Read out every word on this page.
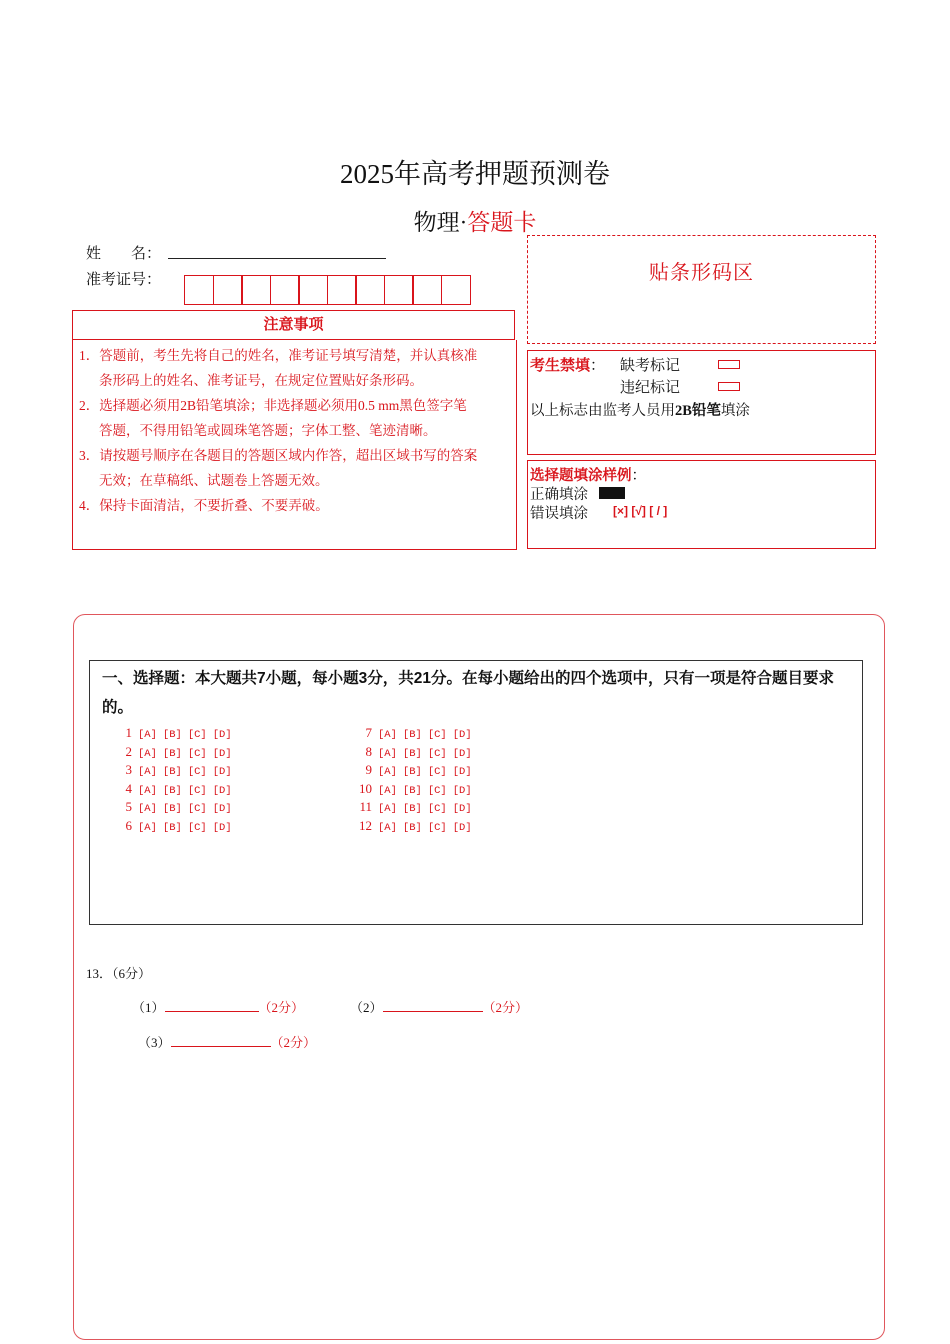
2025年高考押题预测卷
物理·答题卡
姓　　名：
准考证号：
注意事项
1．答题前，考生先将自己的姓名，准考证号填写清楚，并认真核准
条形码上的姓名、准考证号，在规定位置贴好条形码。
2．选择题必须用2B铅笔填涂；非选择题必须用0.5 mm黑色签字笔
答题，不得用铅笔或圆珠笔答题；字体工整、笔迹清晰。
3．请按题号顺序在各题目的答题区域内作答，超出区域书写的答案
无效；在草稿纸、试题卷上答题无效。
4．保持卡面清洁，不要折叠、不要弄破。
贴条形码区
考生禁填： 缺考标记
违纪标记
以上标志由监考人员用2B铅笔填涂
选择题填涂样例：
正确填涂
错误填涂 [×] [√] [ / ]
一、选择题：本大题共7小题，每小题3分，共21分。在每小题给出的四个选项中，只有一项是符合题目要求的。
1 [A] [B] [C] [D]
2 [A] [B] [C] [D]
3 [A] [B] [C] [D]
4 [A] [B] [C] [D]
5 [A] [B] [C] [D]
6 [A] [B] [C] [D]
7 [A] [B] [C] [D]
8 [A] [B] [C] [D]
9 [A] [B] [C] [D]
10 [A] [B] [C] [D]
11 [A] [B] [C] [D]
12 [A] [B] [C] [D]
13．（6分）
（1）	（2分）	（2）	（2分）
（3）	（2分）
